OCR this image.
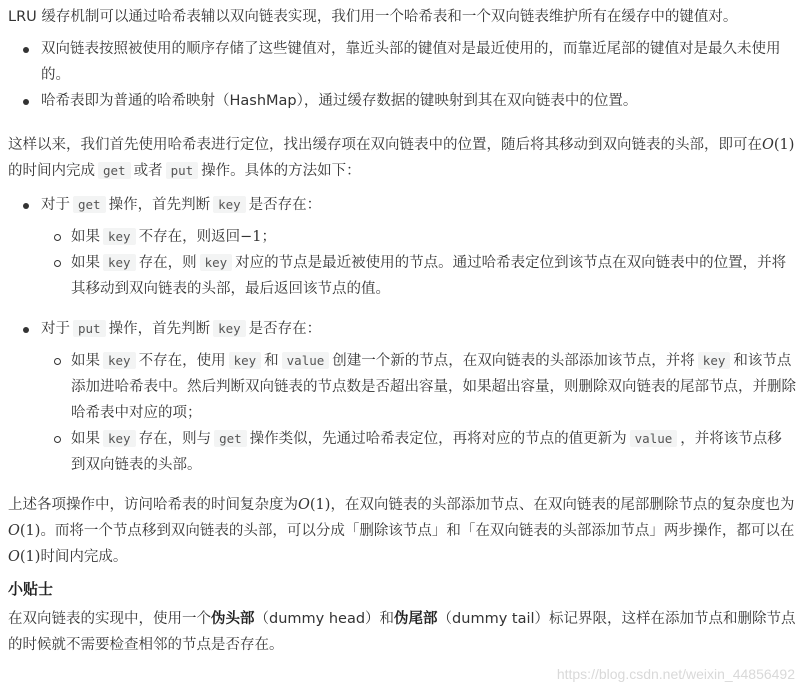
LRU 缓存机制可以通过哈希表辅以双向链表实现，我们用一个哈希表和一个双向链表维护所有在缓存中的键值对。

双向链表按照被使用的顺序存储了这些键值对，靠近头部的键值对是最近使用的，而靠近尾部的键值对是最久未使用的。
哈希表即为普通的哈希映射（HashMap），通过缓存数据的键映射到其在双向链表中的位置。

这样以来，我们首先使用哈希表进行定位，找出缓存项在双向链表中的位置，随后将其移动到双向链表的头部，即可在O(1)的时间内完成 get 或者 put 操作。具体的方法如下：

对于 get 操作，首先判断 key 是否存在：
如果 key 不存在，则返回−1；
如果 key 存在，则 key 对应的节点是最近被使用的节点。通过哈希表定位到该节点在双向链表中的位置，并将其移动到双向链表的头部，最后返回该节点的值。
对于 put 操作，首先判断 key 是否存在：
如果 key 不存在，使用 key 和 value 创建一个新的节点，在双向链表的头部添加该节点，并将 key 和该节点添加进哈希表中。然后判断双向链表的节点数是否超出容量，如果超出容量，则删除双向链表的尾部节点，并删除哈希表中对应的项；
如果 key 存在，则与 get 操作类似，先通过哈希表定位，再将对应的节点的值更新为 value ，并将该节点移到双向链表的头部。

上述各项操作中，访问哈希表的时间复杂度为O(1)，在双向链表的头部添加节点、在双向链表的尾部删除节点的复杂度也为O(1)。而将一个节点移到双向链表的头部，可以分成「删除该节点」和「在双向链表的头部添加节点」两步操作，都可以在O(1)时间内完成。

小贴士

在双向链表的实现中，使用一个伪头部（dummy head）和伪尾部（dummy tail）标记界限，这样在添加节点和删除节点的时候就不需要检查相邻的节点是否存在。

https://blog.csdn.net/weixin_44856492
